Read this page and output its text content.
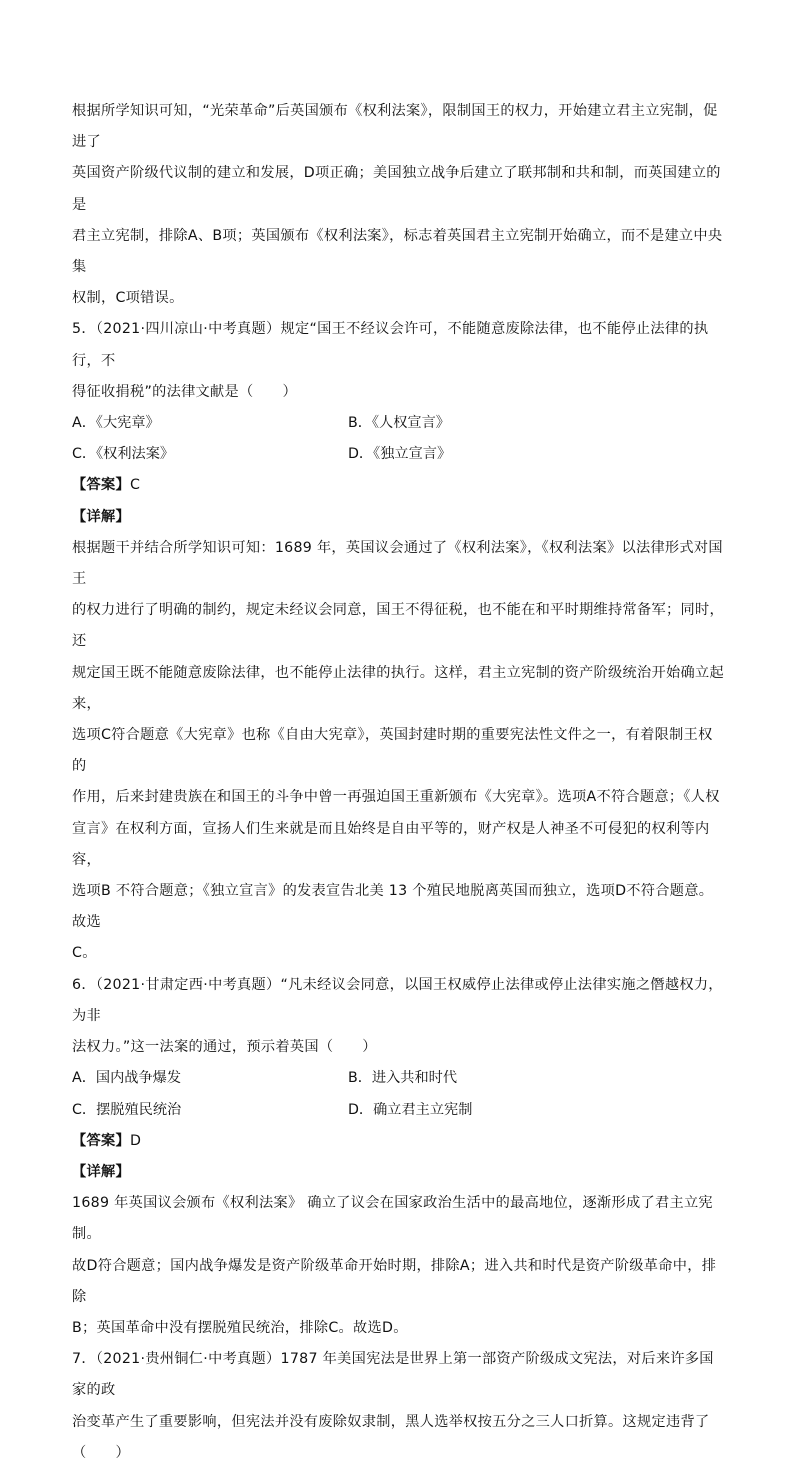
根据所学知识可知，“光荣革命”后英国颁布《权利法案》，限制国王的权力，开始建立君主立宪制，促进了

英国资产阶级代议制的建立和发展，D项正确；美国独立战争后建立了联邦制和共和制，而英国建立的是

君主立宪制，排除A、B项；英国颁布《权利法案》，标志着英国君主立宪制开始确立，而不是建立中央集

权制，C项错误。

5．（2021·四川凉山·中考真题）规定“国王不经议会许可，不能随意废除法律，也不能停止法律的执行，不

得征收捐税”的法律文献是（　　）

A．《大宪章》	B．《人权宣言》
C．《权利法案》	D．《独立宣言》

【答案】C

【详解】

根据题干并结合所学知识可知：1689 年，英国议会通过了《权利法案》，《权利法案》以法律形式对国王

的权力进行了明确的制约，规定未经议会同意，国王不得征税，也不能在和平时期维持常备军；同时，还

规定国王既不能随意废除法律，也不能停止法律的执行。这样，君主立宪制的资产阶级统治开始确立起来，

选项C符合题意《大宪章》也称《自由大宪章》，英国封建时期的重要宪法性文件之一，有着限制王权的

作用，后来封建贵族在和国王的斗争中曾一再强迫国王重新颁布《大宪章》。选项A不符合题意；《人权

宣言》在权利方面，宣扬人们生来就是而且始终是自由平等的，财产权是人神圣不可侵犯的权利等内容，

选项B 不符合题意；《独立宣言》的发表宣告北美 13 个殖民地脱离英国而独立，选项D不符合题意。故选

C。

6．（2021·甘肃定西·中考真题）“凡未经议会同意，以国王权威停止法律或停止法律实施之僭越权力，为非

法权力。”这一法案的通过，预示着英国（　　）

A．国内战争爆发	B．进入共和时代
C．摆脱殖民统治	D．确立君主立宪制

【答案】D

【详解】

1689 年英国议会颁布《权利法案》 确立了议会在国家政治生活中的最高地位，逐渐形成了君主立宪制。

故D符合题意；国内战争爆发是资产阶级革命开始时期，排除A；进入共和时代是资产阶级革命中，排除

B；英国革命中没有摆脱殖民统治，排除C。故选D。

7．（2021·贵州铜仁·中考真题）1787 年美国宪法是世界上第一部资产阶级成文宪法，对后来许多国家的政

治变革产生了重要影响，但宪法并没有废除奴隶制，黑人选举权按五分之三人口折算。这规定违背了（　　）
